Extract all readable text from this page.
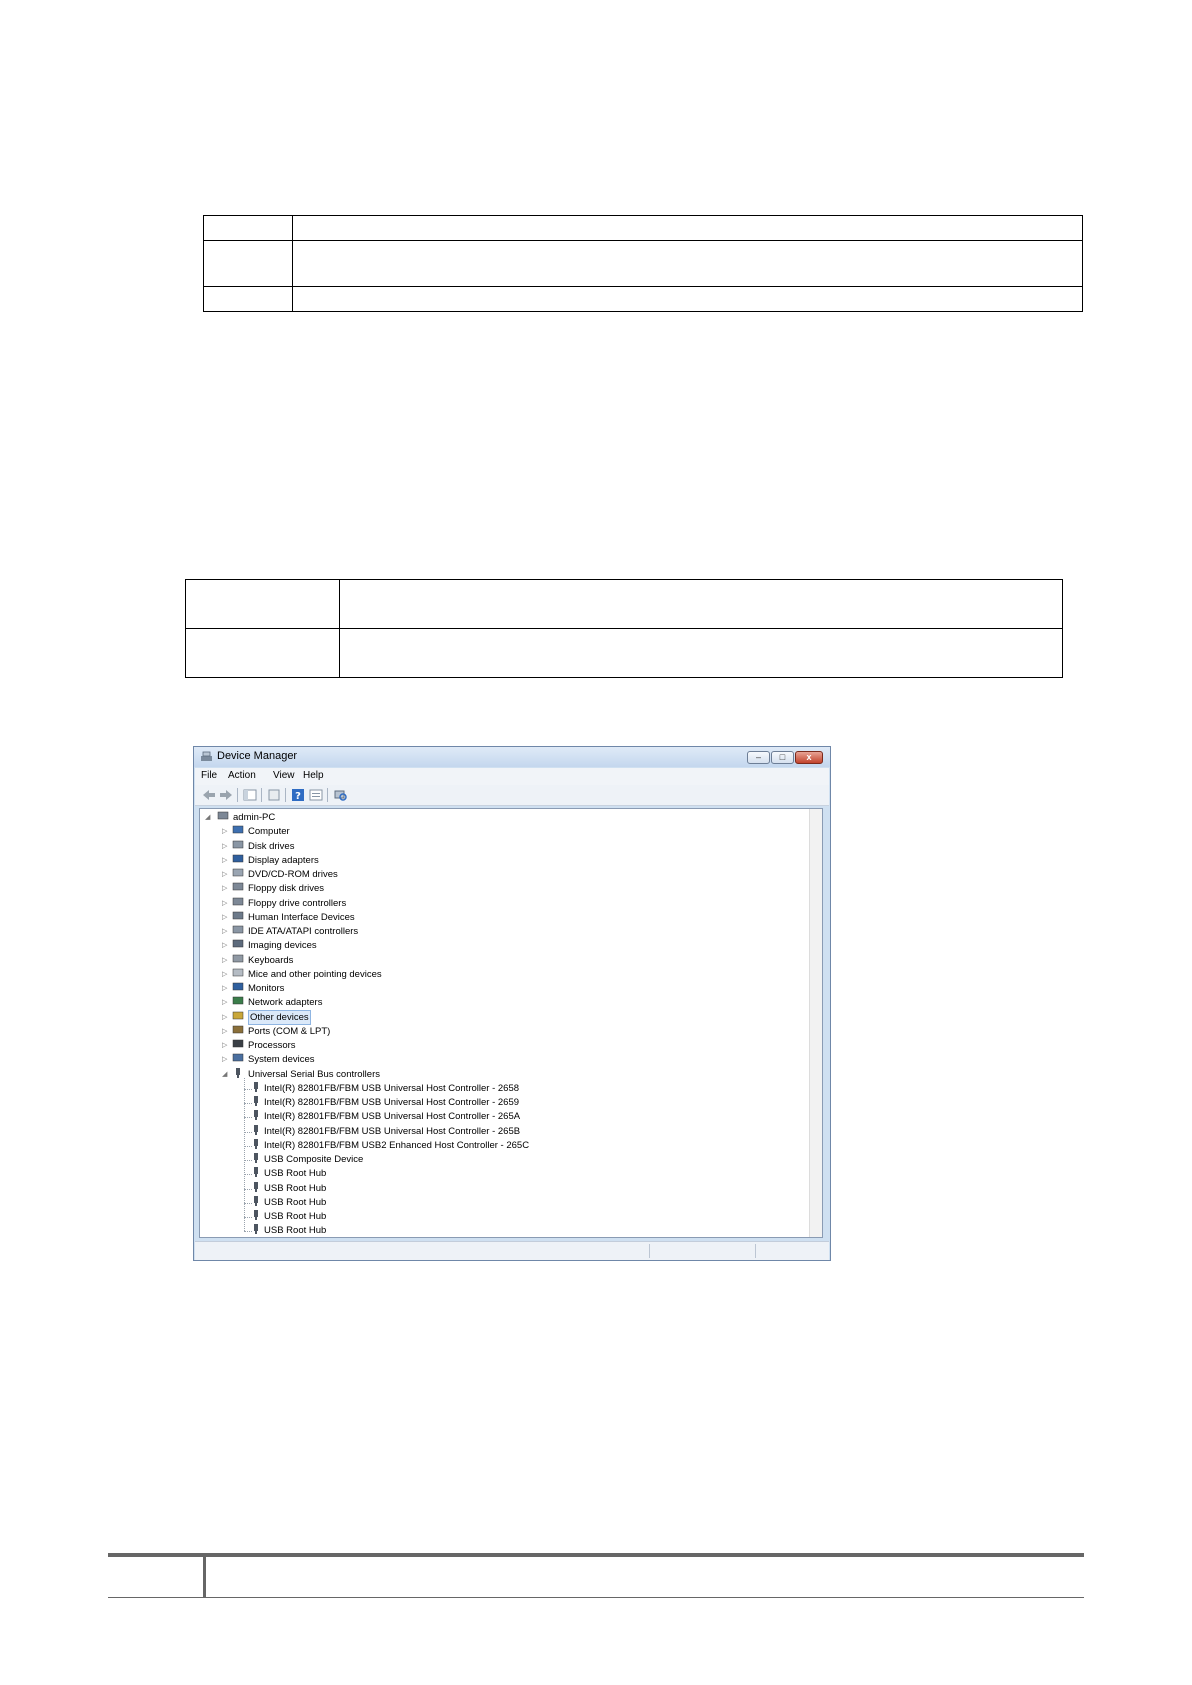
Device Manager	–	□	x
File Action View Help
?
◢ admin-PC
▷ Computer
▷ Disk drives
▷ Display adapters
▷ DVD/CD-ROM drives
▷ Floppy disk drives
▷ Floppy drive controllers
▷ Human Interface Devices
▷ IDE ATA/ATAPI controllers
▷ Imaging devices
▷ Keyboards
▷ Mice and other pointing devices
▷ Monitors
▷ Network adapters
▷ Other devices
▷ Ports (COM & LPT)
▷ Processors
▷ System devices
◢ Universal Serial Bus controllers
Intel(R) 82801FB/FBM USB Universal Host Controller - 2658
Intel(R) 82801FB/FBM USB Universal Host Controller - 2659
Intel(R) 82801FB/FBM USB Universal Host Controller - 265A
Intel(R) 82801FB/FBM USB Universal Host Controller - 265B
Intel(R) 82801FB/FBM USB2 Enhanced Host Controller - 265C
USB Composite Device
USB Root Hub
USB Root Hub
USB Root Hub
USB Root Hub
USB Root Hub
